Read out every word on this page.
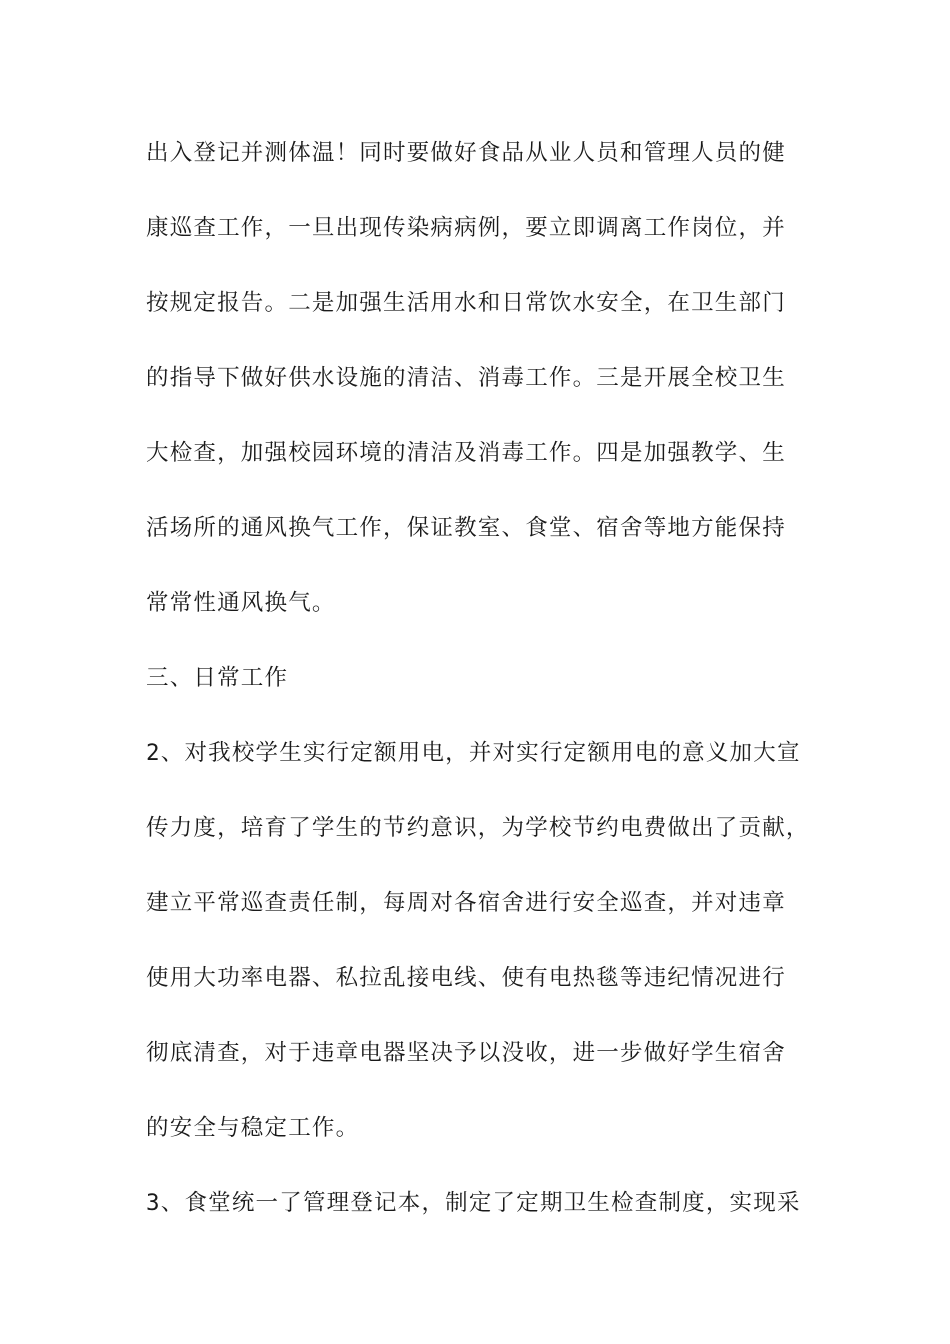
出入登记并测体温！同时要做好食品从业人员和管理人员的健
康巡查工作，一旦出现传染病病例，要立即调离工作岗位，并
按规定报告。二是加强生活用水和日常饮水安全，在卫生部门
的指导下做好供水设施的清洁、消毒工作。三是开展全校卫生
大检查，加强校园环境的清洁及消毒工作。四是加强教学、生
活场所的通风换气工作，保证教室、食堂、宿舍等地方能保持
常常性通风换气。
三、日常工作
2、对我校学生实行定额用电，并对实行定额用电的意义加大宣
传力度，培育了学生的节约意识，为学校节约电费做出了贡献，
建立平常巡查责任制，每周对各宿舍进行安全巡查，并对违章
使用大功率电器、私拉乱接电线、使有电热毯等违纪情况进行
彻底清查，对于违章电器坚决予以没收，进一步做好学生宿舍
的安全与稳定工作。
3、食堂统一了管理登记本，制定了定期卫生检查制度，实现采
